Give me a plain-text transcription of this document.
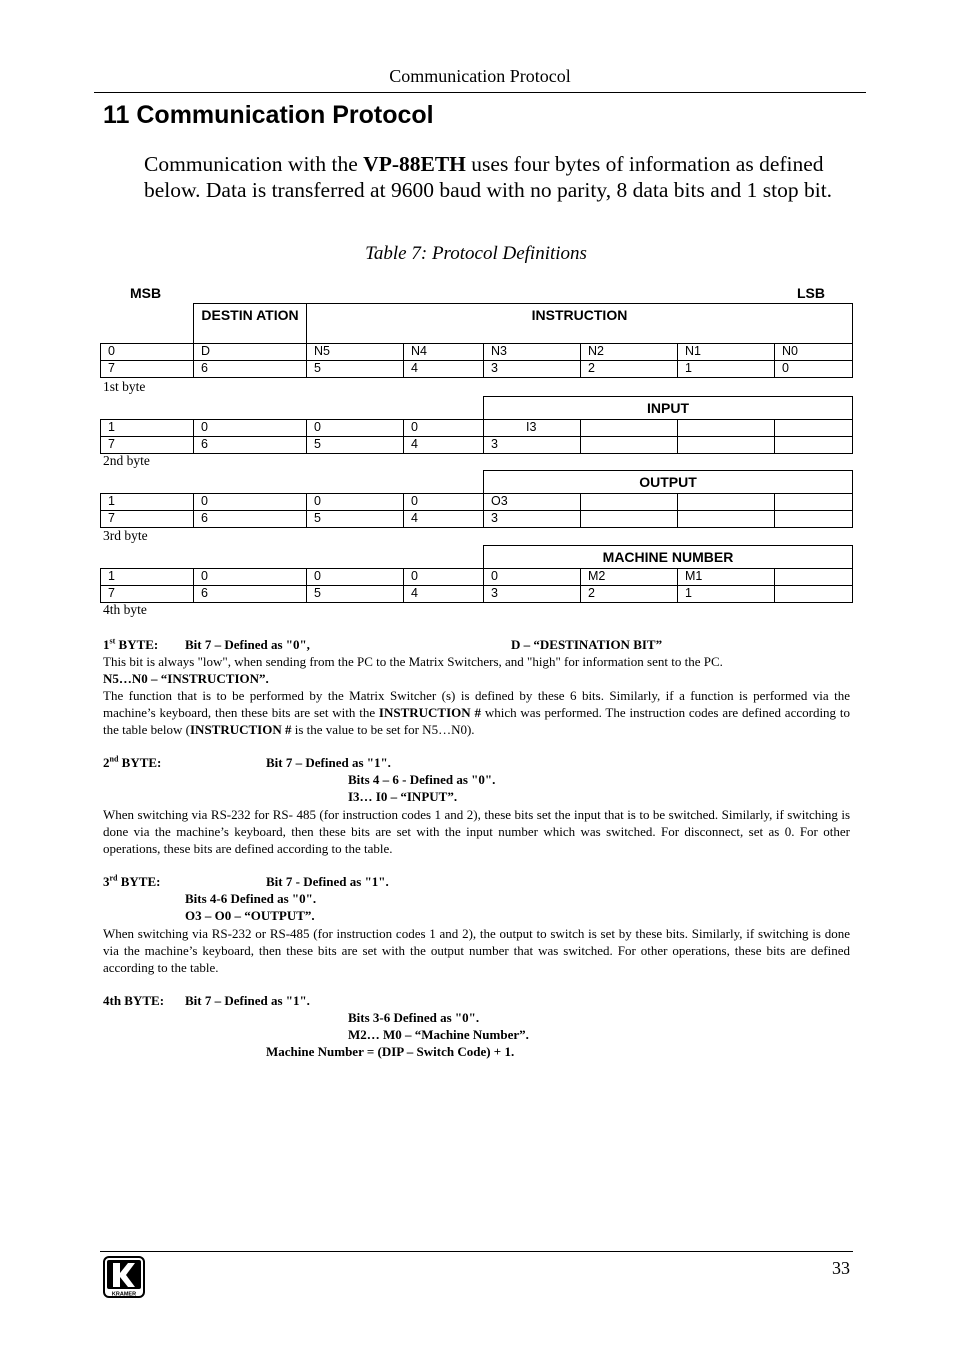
Communication Protocol
11 Communication Protocol
Communication with the VP-88ETH uses four bytes of information as defined below. Data is transferred at 9600 baud with no parity, 8 data bits and 1 stop bit.
Table 7: Protocol Definitions
MSB	LSB
DESTIN ATION	INSTRUCTION
0	D	N5	N4	N3	N2	N1	N0
7	6	5	4	3	2	1	0
INPUT
1	0	0	0	I3
7	6	5	4	3
OUTPUT
1	0	0	0	O3
7	6	5	4	3
MACHINE NUMBER
1	0	0	0	0	M2	M1
7	6	5	4	3	2	1
1st byte
2nd byte
3rd byte
4th byte
1st BYTE: Bit 7 – Defined as "0",	D – “DESTINATION BIT”
This bit is always "low", when sending from the PC to the Matrix Switchers, and "high" for information sent to the PC.
N5…N0 – “INSTRUCTION”.
The function that is to be performed by the Matrix Switcher (s) is defined by these 6 bits. Similarly, if a function is performed via the machine’s keyboard, then these bits are set with the INSTRUCTION # which was performed. The instruction codes are defined according to the table below (INSTRUCTION # is the value to be set for N5…N0).
2nd BYTE:	Bit 7 – Defined as "1".
Bits 4 – 6 - Defined as "0".
I3… I0 – “INPUT”.
When switching via RS-232 for RS- 485 (for instruction codes 1 and 2), these bits set the input that is to be switched. Similarly, if switching is done via the machine’s keyboard, then these bits are set with the input number which was switched. For disconnect, set as 0. For other operations, these bits are defined according to the table.
3rd BYTE:	Bit 7 - Defined as "1".
Bits 4-6 Defined as "0".
O3 – O0 – “OUTPUT”.
When switching via RS-232 or RS-485 (for instruction codes 1 and 2), the output to switch is set by these bits. Similarly, if switching is done via the machine’s keyboard, then these bits are set with the output number that was switched. For other operations, these bits are defined according to the table.
4th BYTE: Bit 7 – Defined as "1".
Bits 3-6 Defined as "0".
M2… M0 – “Machine Number”.
Machine Number = (DIP – Switch Code) + 1.
KRAMER
33
